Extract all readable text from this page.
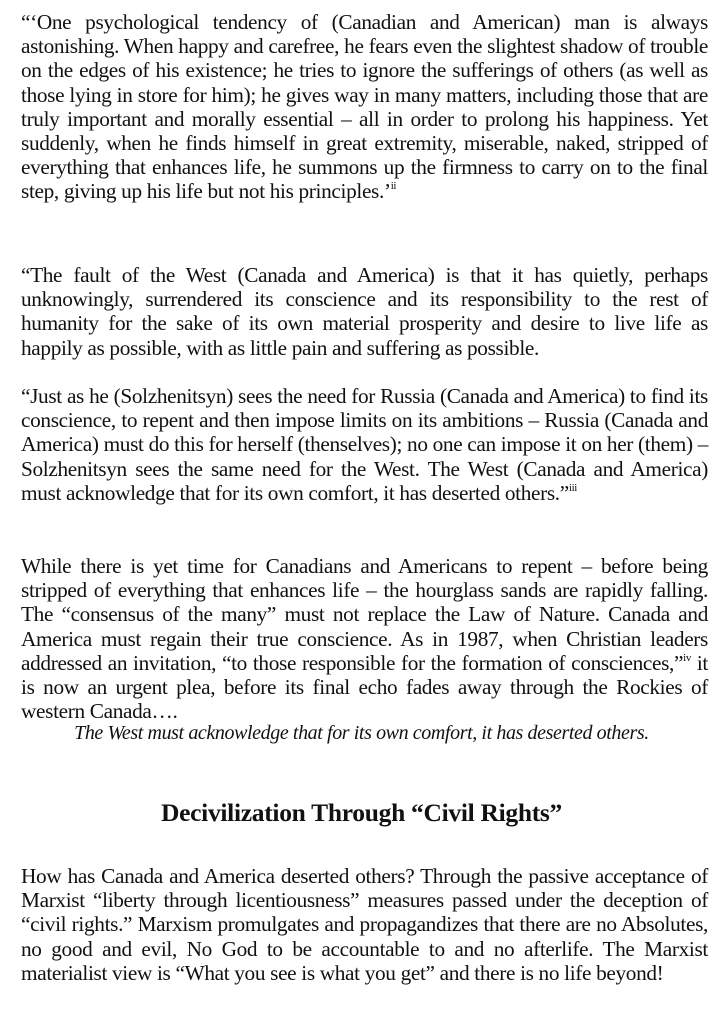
“‘One psychological tendency of (Canadian and American) man is always astonishing. When happy and carefree, he fears even the slightest shadow of trouble on the edges of his existence; he tries to ignore the sufferings of others (as well as those lying in store for him); he gives way in many matters, including those that are truly important and morally essential – all in order to prolong his happiness. Yet suddenly, when he finds himself in great extremity, miserable, naked, stripped of everything that enhances life, he summons up the firmness to carry on to the final step, giving up his life but not his principles.’$^{ii}$

“The fault of the West (Canada and America) is that it has quietly, perhaps unknowingly, surrendered its conscience and its responsibility to the rest of humanity for the sake of its own material prosperity and desire to live life as happily as possible, with as little pain and suffering as possible.

“Just as he (Solzhenitsyn) sees the need for Russia (Canada and America) to find its conscience, to repent and then impose limits on its ambitions – Russia (Canada and America) must do this for herself (thenselves); no one can impose it on her (them) – Solzhenitsyn sees the same need for the West. The West (Canada and America) must acknowledge that for its own comfort, it has deserted others.”$^{iii}$

While there is yet time for Canadians and Americans to repent – before being stripped of everything that enhances life – the hourglass sands are rapidly falling. The “consensus of the many” must not replace the Law of Nature. Canada and America must regain their true conscience. As in 1987, when Christian leaders addressed an invitation, “to those responsible for the formation of consciences,”$^{iv}$ it is now an urgent plea, before its final echo fades away through the Rockies of western Canada….

The West must acknowledge that for its own comfort, it has deserted others.

Decivilization Through “Civil Rights”

How has Canada and America deserted others? Through the passive acceptance of Marxist “liberty through licentiousness” measures passed under the deception of “civil rights.” Marxism promulgates and propagandizes that there are no Absolutes, no good and evil, No God to be accountable to and no afterlife. The Marxist materialist view is “What you see is what you get” and there is no life beyond!
